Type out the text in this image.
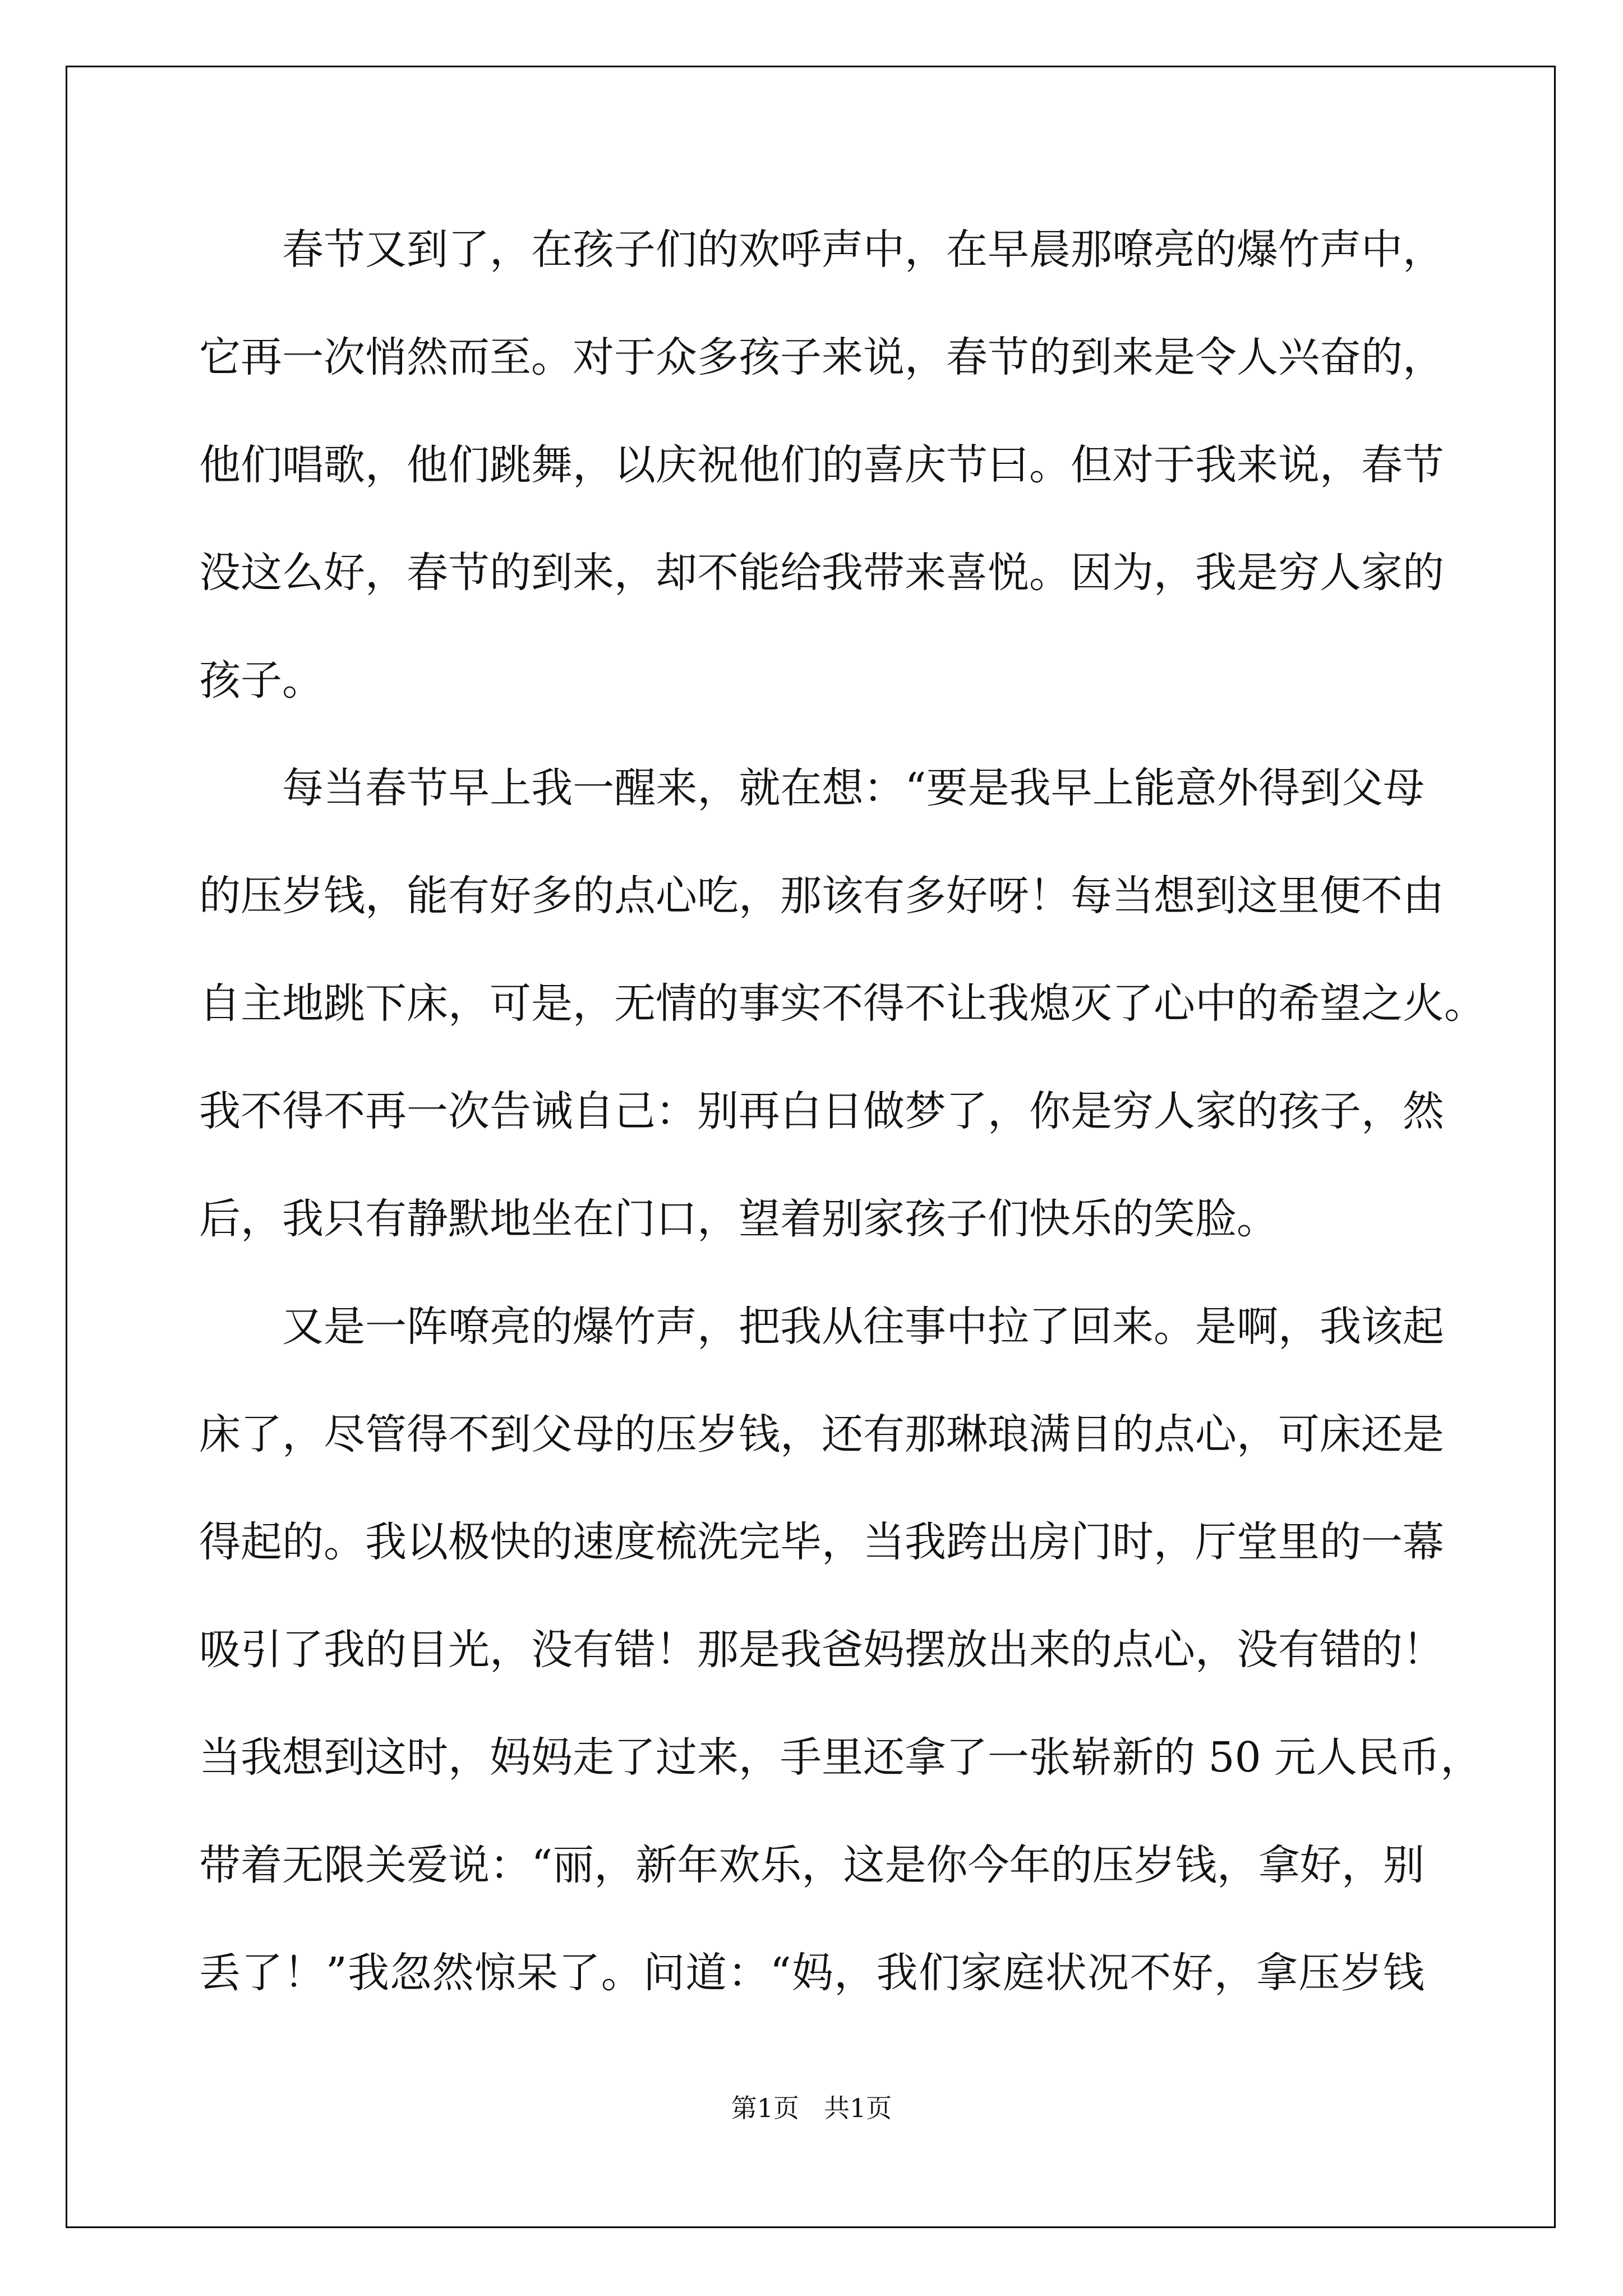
春节又到了，在孩子们的欢呼声中，在早晨那嘹亮的爆竹声中，
它再一次悄然而至。对于众多孩子来说，春节的到来是令人兴奋的，
他们唱歌，他们跳舞，以庆祝他们的喜庆节曰。但对于我来说，春节
没这么好，春节的到来，却不能给我带来喜悦。因为，我是穷人家的
孩子。
每当春节早上我一醒来，就在想：“要是我早上能意外得到父母
的压岁钱，能有好多的点心吃，那该有多好呀！每当想到这里便不由
自主地跳下床，可是，无情的事实不得不让我熄灭了心中的希望之火。
我不得不再一次告诫自己：别再白日做梦了，你是穷人家的孩子，然
后，我只有静默地坐在门口，望着别家孩子们快乐的笑脸。
又是一阵嘹亮的爆竹声，把我从往事中拉了回来。是啊，我该起
床了，尽管得不到父母的压岁钱，还有那琳琅满目的点心，可床还是
得起的。我以极快的速度梳洗完毕，当我跨出房门时，厅堂里的一幕
吸引了我的目光，没有错！那是我爸妈摆放出来的点心，没有错的！
当我想到这时，妈妈走了过来，手里还拿了一张崭新的 50 元人民币，
带着无限关爱说：“丽，新年欢乐，这是你今年的压岁钱，拿好，别
丢了！”我忽然惊呆了。问道：“妈，我们家庭状况不好，拿压岁钱
第1页 共1页
